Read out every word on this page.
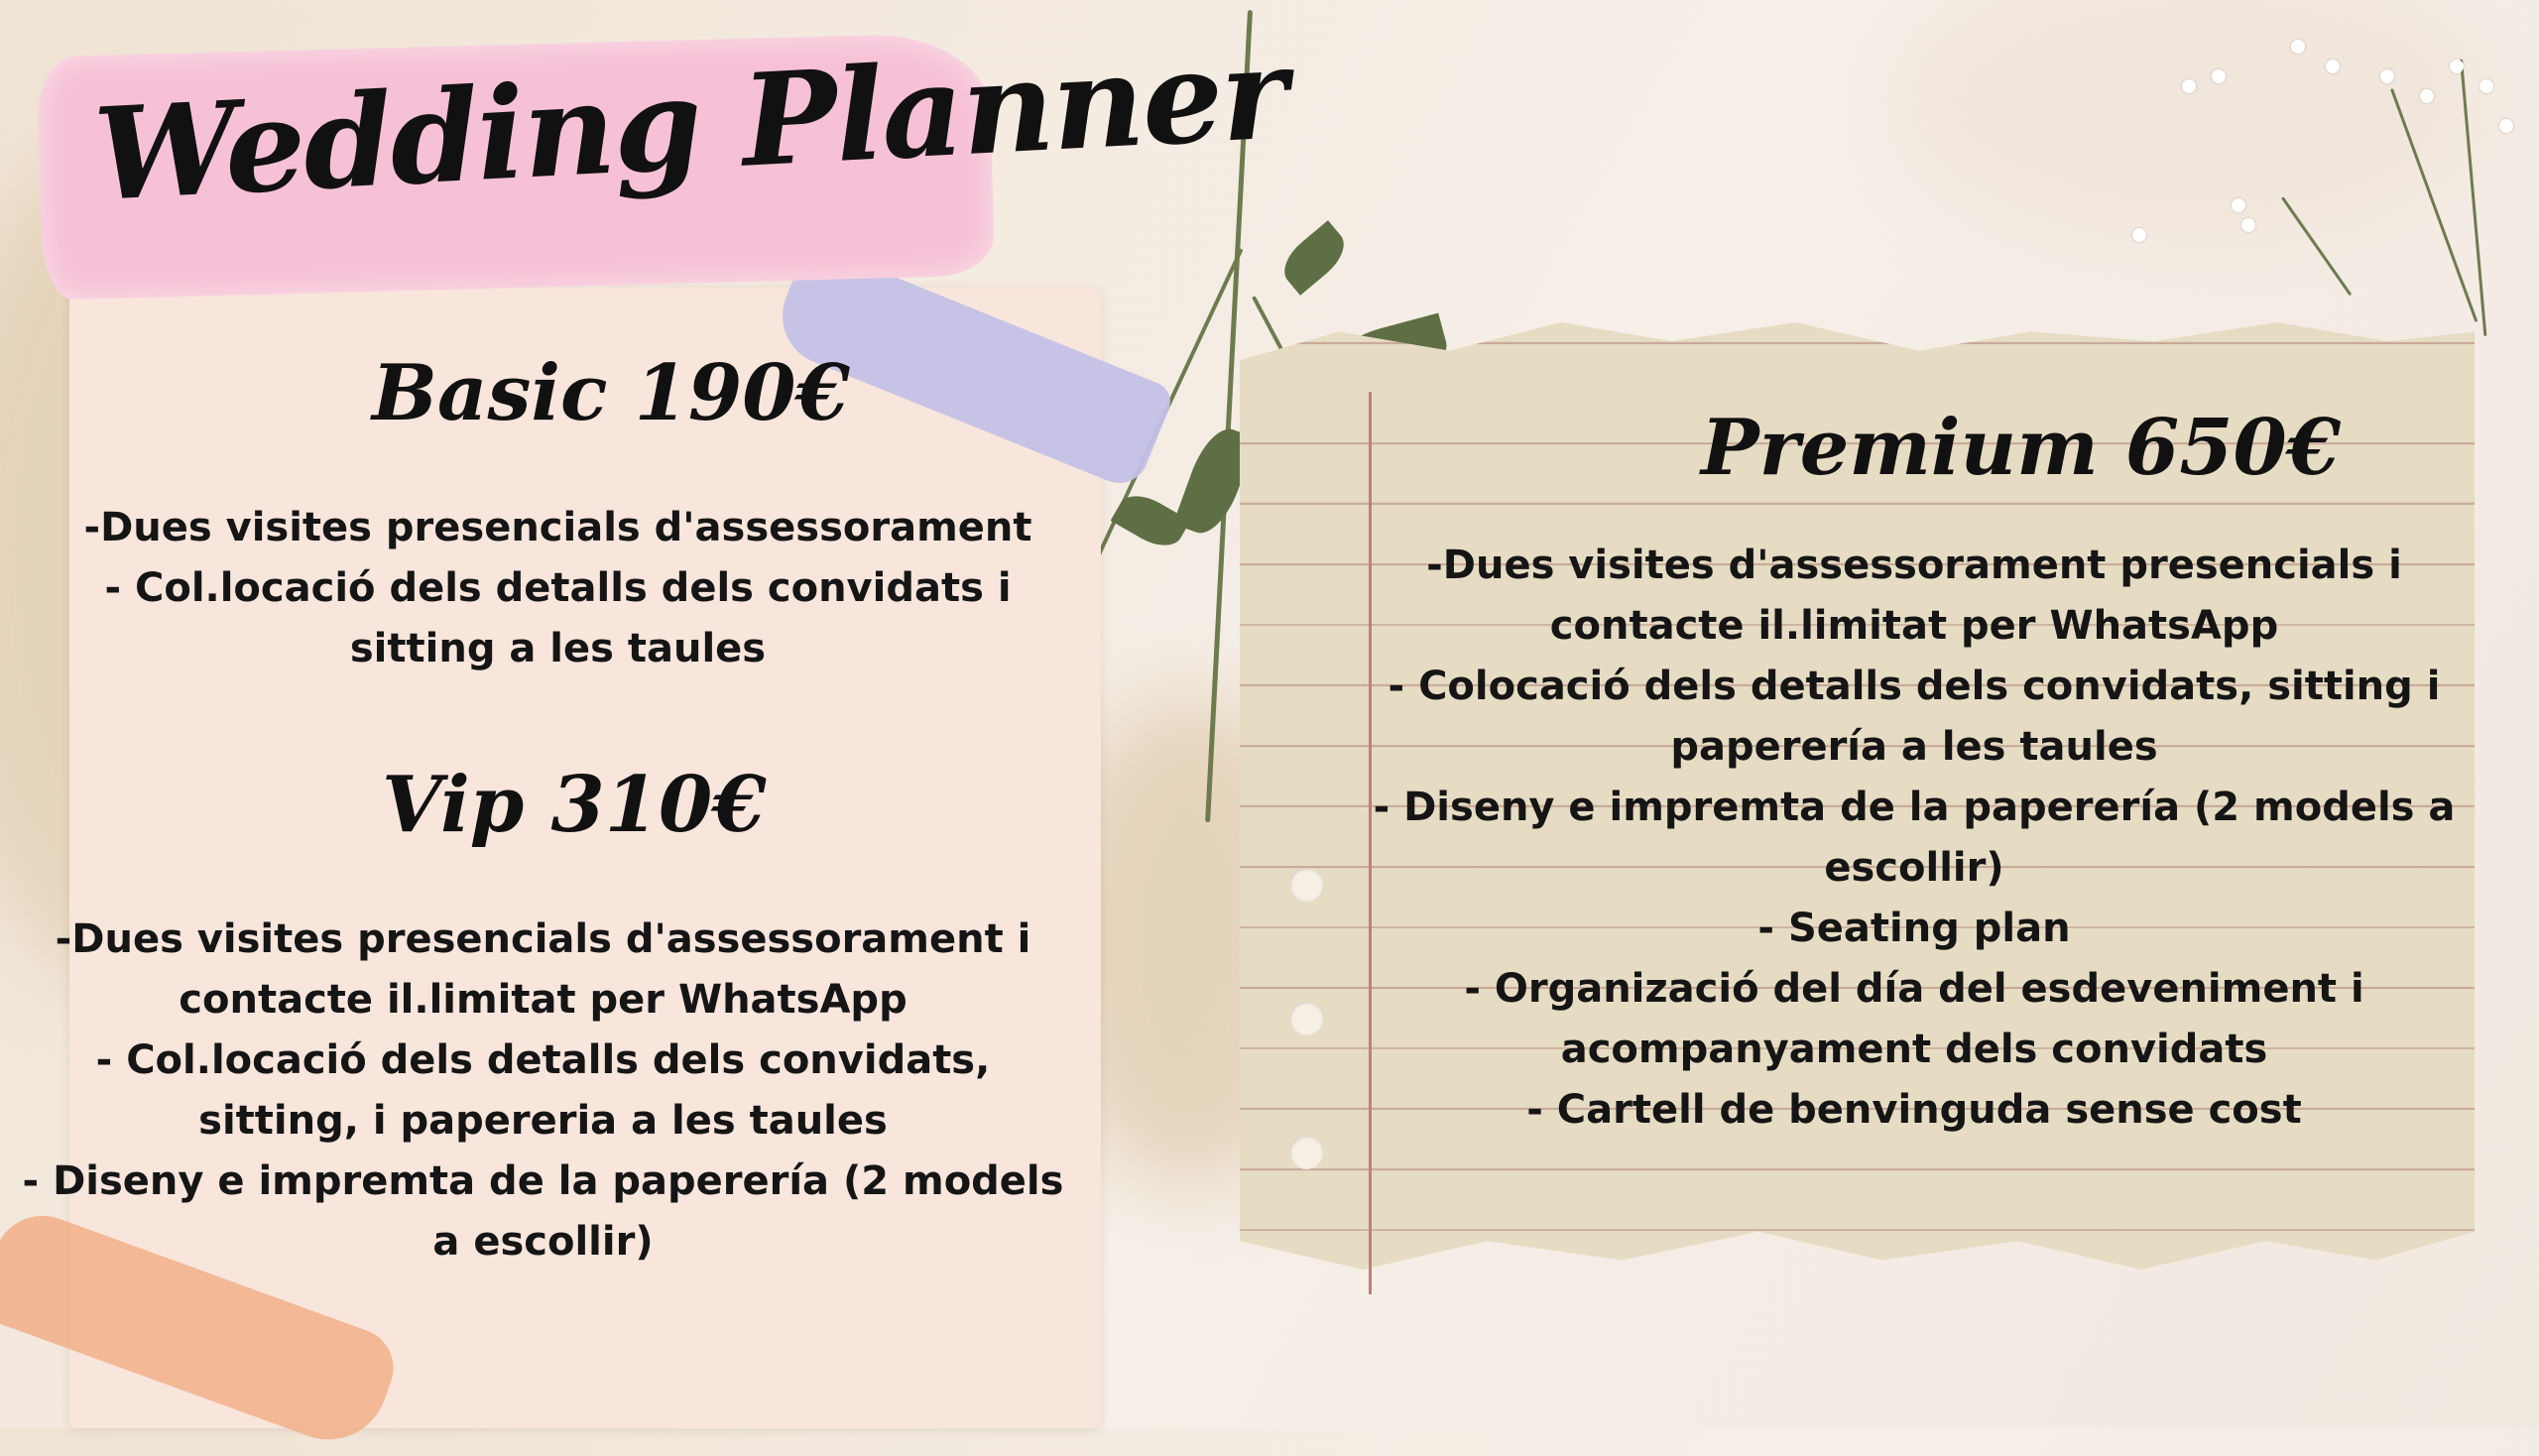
Wedding Planner
Basic 190€
-Dues visites presencials d'assessorament
- Col.locació dels detalls dels convidats i
sitting a les taules
Vip 310€
-Dues visites presencials d'assessorament i
contacte il.limitat per WhatsApp
- Col.locació dels detalls dels convidats,
sitting, i papereria a les taules
- Diseny e impremta de la paperería (2 models
a escollir)
Premium 650€
-Dues visites d'assessorament presencials i
contacte il.limitat per WhatsApp
- Colocació dels detalls dels convidats, sitting i
paperería a les taules
- Diseny e impremta de la paperería (2 models a
escollir)
- Seating plan
- Organizació del día del esdeveniment i
acompanyament dels convidats
- Cartell de benvinguda sense cost
